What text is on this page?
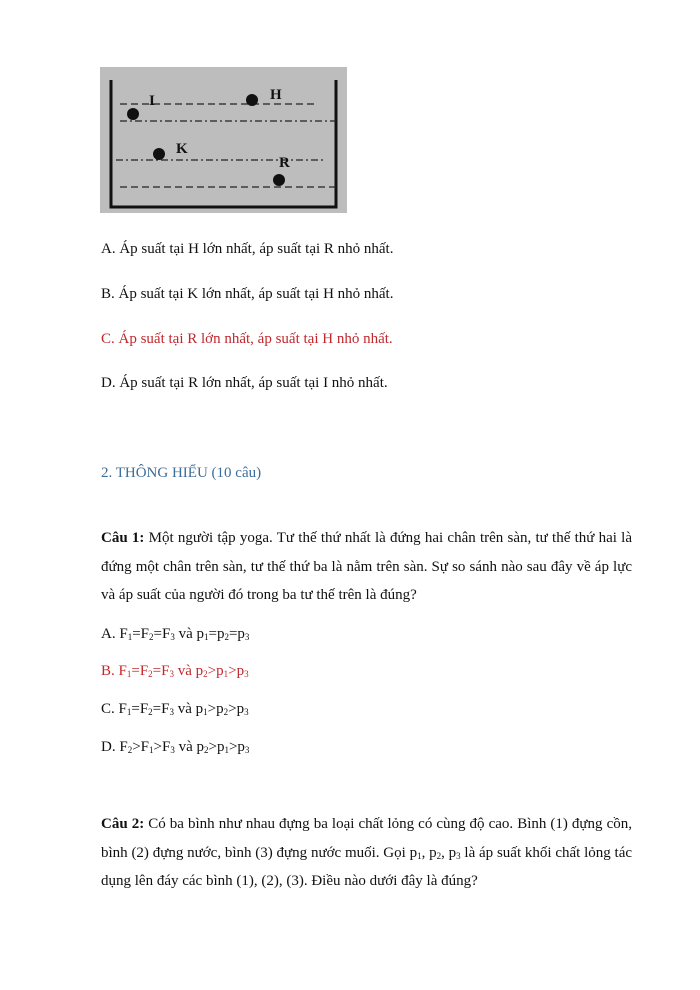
I	H
K
R
A. Áp suất tại H lớn nhất, áp suất tại R nhỏ nhất.
B. Áp suất tại K lớn nhất, áp suất tại H nhỏ nhất.
C. Áp suất tại R lớn nhất, áp suất tại H nhỏ nhất.
D. Áp suất tại R lớn nhất, áp suất tại I nhỏ nhất.
2. THÔNG HIỂU (10 câu)
Câu 1: Một người tập yoga. Tư thế thứ nhất là đứng hai chân trên sàn, tư thế thứ hai là đứng một chân trên sàn, tư thế thứ ba là nằm trên sàn. Sự so sánh nào sau đây về áp lực và áp suất của người đó trong ba tư thế trên là đúng?
A. $F_1=F_2=F_3$ và $p_1=p_2=p_3$
B. $F_1=F_2=F_3$ và $p_2>p_1>p_3$
C. $F_1=F_2=F_3$ và $p_1>p_2>p_3$
D. $F_2>F_1>F_3$ và $p_2>p_1>p_3$
Câu 2: Có ba bình như nhau đựng ba loại chất lỏng có cùng độ cao. Bình (1) đựng cồn, bình (2) đựng nước, bình (3) đựng nước muối. Gọi $p_1$, $p_2$, $p_3$ là áp suất khối chất lỏng tác dụng lên đáy các bình (1), (2), (3). Điều nào dưới đây là đúng?
